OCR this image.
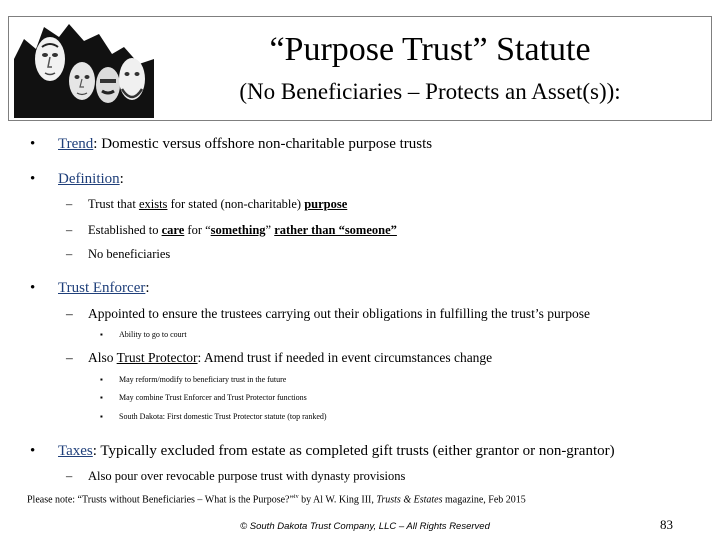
“Purpose Trust” Statute
(No Beneficiaries – Protects an Asset(s)):
•	Trend: Domestic versus offshore non-charitable purpose trusts
•	Definition:
– Trust that exists for stated (non-charitable) purpose
– Established to care for “something” rather than “someone”
– No beneficiaries
•	Trust Enforcer:
– Appointed to ensure the trustees carrying out their obligations in fulfilling the trust’s purpose
▪ Ability to go to court
– Also Trust Protector: Amend trust if needed in event circumstances change
▪ May reform/modify to beneficiary trust in the future
▪ May combine Trust Enforcer and Trust Protector functions
▪ South Dakota: First domestic Trust Protector statute (top ranked)
•	Taxes: Typically excluded from estate as completed gift trusts (either grantor or non-grantor)
– Also pour over revocable purpose trust with dynasty provisions
Please note: “Trusts without Beneficiaries – What is the Purpose?”$^{iv}$ by Al W. King III, Trusts & Estates magazine, Feb 2015
© South Dakota Trust Company, LLC – All Rights Reserved	83
